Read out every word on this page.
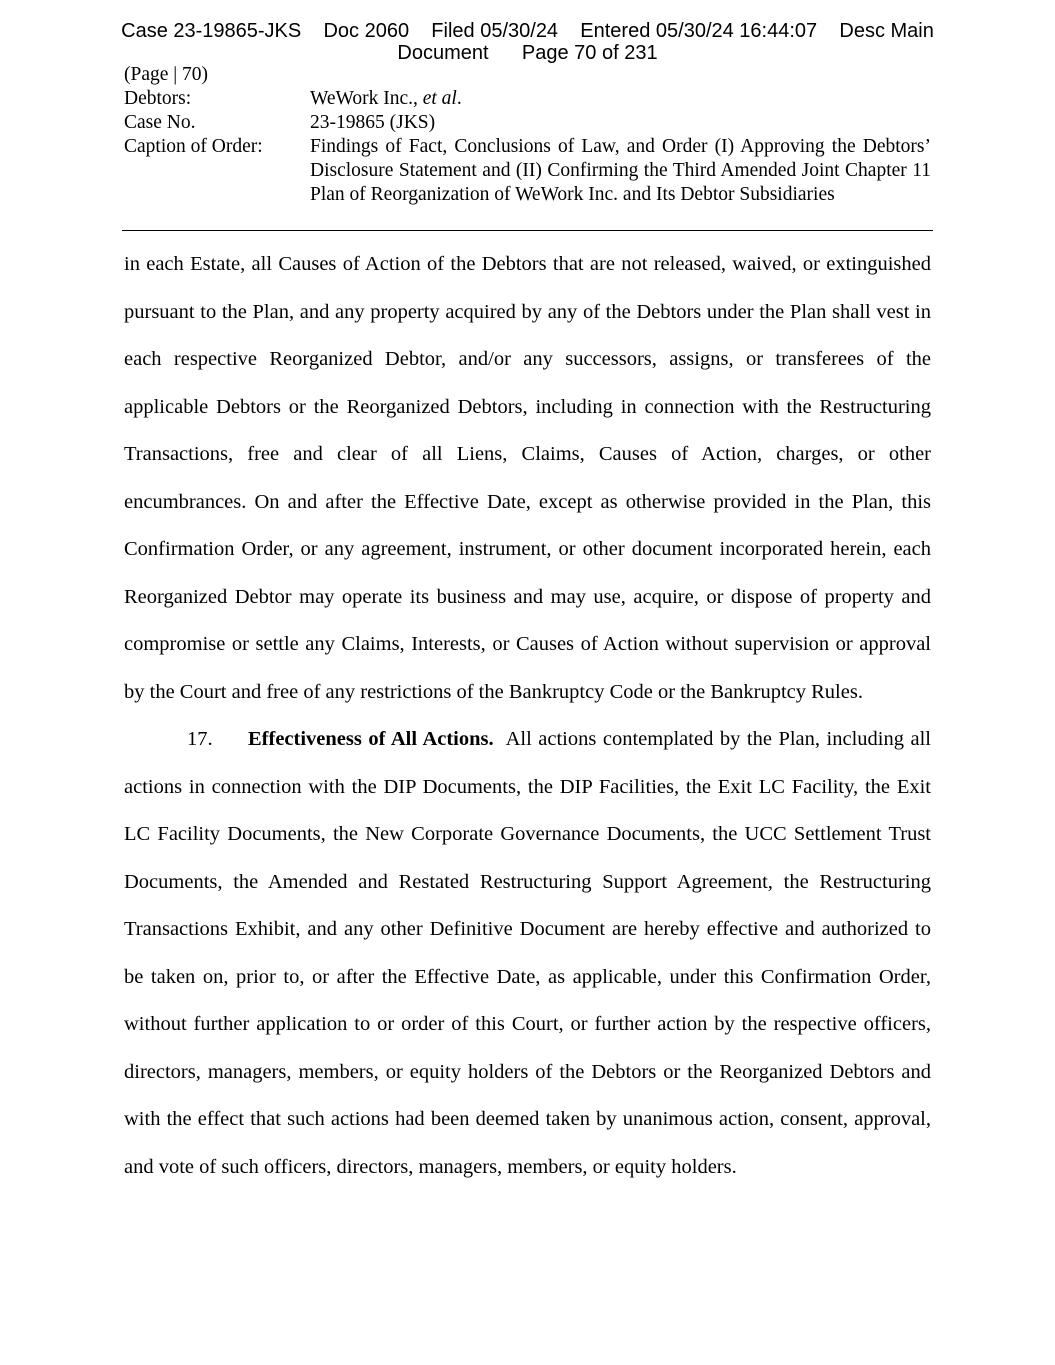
Case 23-19865-JKS    Doc 2060    Filed 05/30/24    Entered 05/30/24 16:44:07    Desc Main
Document      Page 70 of 231
(Page | 70)
Debtors:	WeWork Inc., et al.
Case No.	23-19865 (JKS)
Caption of Order:	Findings of Fact, Conclusions of Law, and Order (I) Approving the Debtors’ Disclosure Statement and (II) Confirming the Third Amended Joint Chapter 11 Plan of Reorganization of WeWork Inc. and Its Debtor Subsidiaries

in each Estate, all Causes of Action of the Debtors that are not released, waived, or extinguished pursuant to the Plan, and any property acquired by any of the Debtors under the Plan shall vest in each respective Reorganized Debtor, and/or any successors, assigns, or transferees of the applicable Debtors or the Reorganized Debtors, including in connection with the Restructuring Transactions, free and clear of all Liens, Claims, Causes of Action, charges, or other encumbrances. On and after the Effective Date, except as otherwise provided in the Plan, this Confirmation Order, or any agreement, instrument, or other document incorporated herein, each Reorganized Debtor may operate its business and may use, acquire, or dispose of property and compromise or settle any Claims, Interests, or Causes of Action without supervision or approval by the Court and free of any restrictions of the Bankruptcy Code or the Bankruptcy Rules.

17. Effectiveness of All Actions.  All actions contemplated by the Plan, including all actions in connection with the DIP Documents, the DIP Facilities, the Exit LC Facility, the Exit LC Facility Documents, the New Corporate Governance Documents, the UCC Settlement Trust Documents, the Amended and Restated Restructuring Support Agreement, the Restructuring Transactions Exhibit, and any other Definitive Document are hereby effective and authorized to be taken on, prior to, or after the Effective Date, as applicable, under this Confirmation Order, without further application to or order of this Court, or further action by the respective officers, directors, managers, members, or equity holders of the Debtors or the Reorganized Debtors and with the effect that such actions had been deemed taken by unanimous action, consent, approval, and vote of such officers, directors, managers, members, or equity holders.
